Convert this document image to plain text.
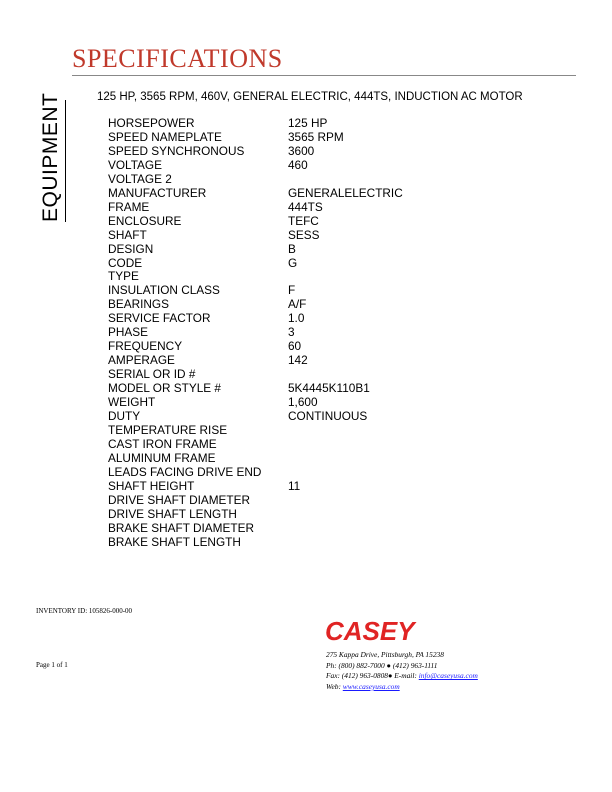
SPECIFICATIONS
EQUIPMENT	125 HP, 3565 RPM, 460V, GENERAL ELECTRIC, 444TS, INDUCTION AC MOTOR
HORSEPOWER	125 HP
SPEED NAMEPLATE	3565 RPM
SPEED SYNCHRONOUS	3600
VOLTAGE	460
VOLTAGE 2	
MANUFACTURER	GENERALELECTRIC
FRAME	444TS
ENCLOSURE	TEFC
SHAFT	SESS
DESIGN	B
CODE	G
TYPE	
INSULATION CLASS	F
BEARINGS	A/F
SERVICE FACTOR	1.0
PHASE	3
FREQUENCY	60
AMPERAGE	142
SERIAL OR ID #	
MODEL OR STYLE #	5K4445K110B1
WEIGHT	1,600
DUTY	CONTINUOUS
TEMPERATURE RISE	
CAST IRON FRAME	
ALUMINUM FRAME	
LEADS FACING DRIVE END	
SHAFT HEIGHT	11
DRIVE SHAFT DIAMETER	
DRIVE SHAFT LENGTH	
BRAKE SHAFT DIAMETER	
BRAKE SHAFT LENGTH	
INVENTORY ID: 105826-000-00
Page 1 of 1
CASEY
275 Kappa Drive, Pittsburgh, PA 15238
Ph: (800) 882-7000 ● (412) 963-1111
Fax: (412) 963-0808● E-mail: info@caseyusa.com
Web: www.caseyusa.com
